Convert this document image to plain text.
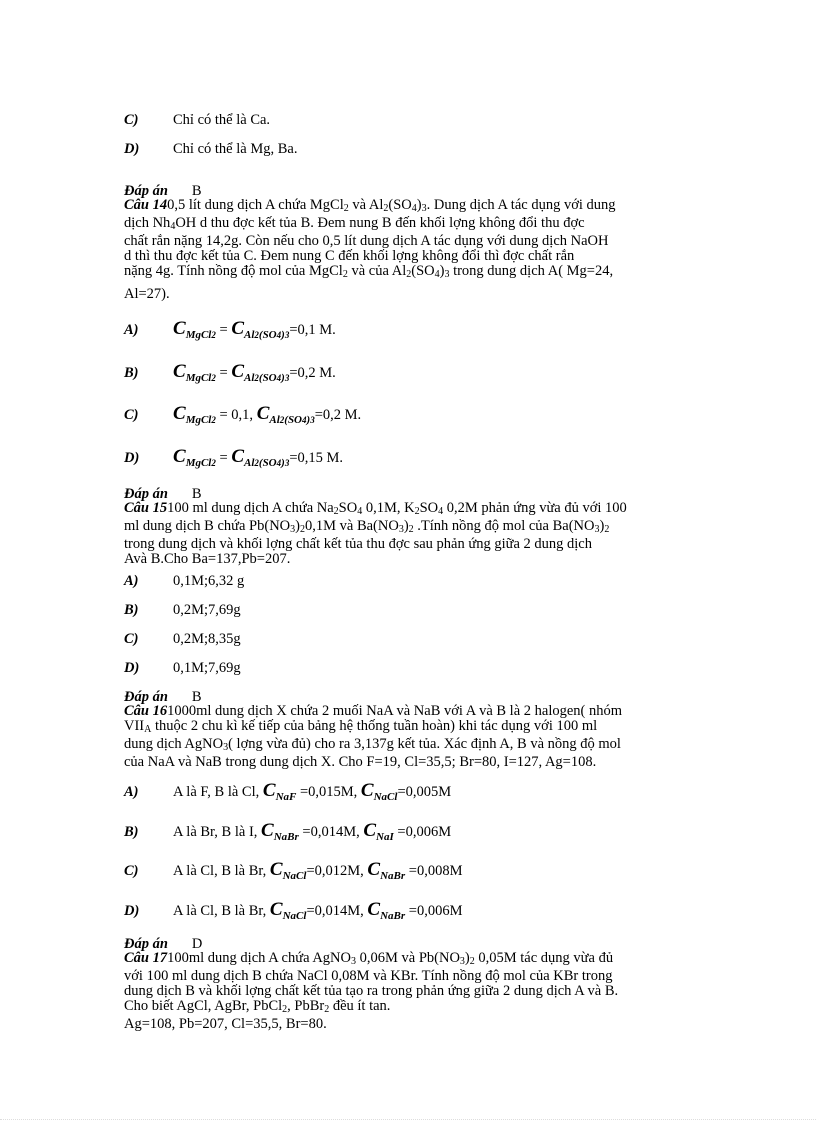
C) Chỉ có thể là Ca.
D) Chỉ có thể là Mg, Ba.
Đáp án B
Câu 140,5 lít dung dịch A chứa MgCl$_2$ và $Al_2(SO_4)_3$. Dung dịch A tác dụng với dung
dịch $Nh_4OH$ d thu đợc kết tủa B. Đem nung B đến khối lợng không đổi thu đợc
chất rắn nặng 14,2g. Còn nếu cho 0,5 lít dung dịch A tác dụng với dung dịch NaOH
d thì thu đợc kết tủa C. Đem nung C đến khối lợng không đổi thì đợc chất rắn
nặng 4g. Tính nồng độ mol của MgCl$_2$ và của $Al_2(SO_4)_3$ trong dung dịch A( Mg=24,
Al=27).
A) $C_{MgCl2} = C_{Al2(SO4)3}=0,1$ M.
B) $C_{MgCl2} = C_{Al2(SO4)3}=0,2$ M.
C) $C_{MgCl2} = 0,1$, $C_{Al2(SO4)3}=0,2$ M.
D) $C_{MgCl2} = C_{Al2(SO4)3}=0,15$ M.
Đáp án B
Câu 15100 ml dung dịch A chứa $Na_2SO_4$ 0,1M, $K_2SO_4$ 0,2M phản ứng vừa đủ với 100
ml dung dịch B chứa $Pb(NO_3)_20,1M$ và $Ba(NO_3)_2$ .Tính nồng độ mol của $Ba(NO_3)_2$
trong dung dịch và khối lợng chất kết tủa thu đợc sau phản ứng giữa 2 dung dịch
Avà B.Cho Ba=137,Pb=207.
A) 0,1M;6,32 g
B) 0,2M;7,69g
C) 0,2M;8,35g
D) 0,1M;7,69g
Đáp án B
Câu 161000ml dung dịch X chứa 2 muối NaA và NaB với A và B là 2 halogen( nhóm
$VII_A$ thuộc 2 chu kì kế tiếp của bảng hệ thống tuần hoàn) khi tác dụng với 100 ml
dung dịch AgNO$_3$( lợng vừa đủ) cho ra 3,137g kết tủa. Xác định A, B và nồng độ mol
của NaA và NaB trong dung dịch X. Cho F=19, Cl=35,5; Br=80, I=127, Ag=108.
A) A là F, B là Cl, $C_{NaF} =0,015M$, $C_{NaCl}=0,005M$
B) A là Br, B là I, $C_{NaBr} =0,014M$, $C_{NaI} =0,006M$
C) A là Cl, B là Br, $C_{NaCl}=0,012M$, $C_{NaBr} =0,008M$
D) A là Cl, B là Br, $C_{NaCl}=0,014M$, $C_{NaBr} =0,006M$
Đáp án D
Câu 17100ml dung dịch A chứa AgNO$_3$ 0,06M và $Pb(NO_3)_2$ 0,05M tác dụng vừa đủ
với 100 ml dung dịch B chứa NaCl 0,08M và KBr. Tính nồng độ mol của KBr trong
dung dịch B và khối lợng chất kết tủa tạo ra trong phản ứng giữa 2 dung dịch A và B.
Cho biết AgCl, AgBr, PbCl$_2$, PbBr$_2$ đều ít tan.
Ag=108, Pb=207, Cl=35,5, Br=80.
